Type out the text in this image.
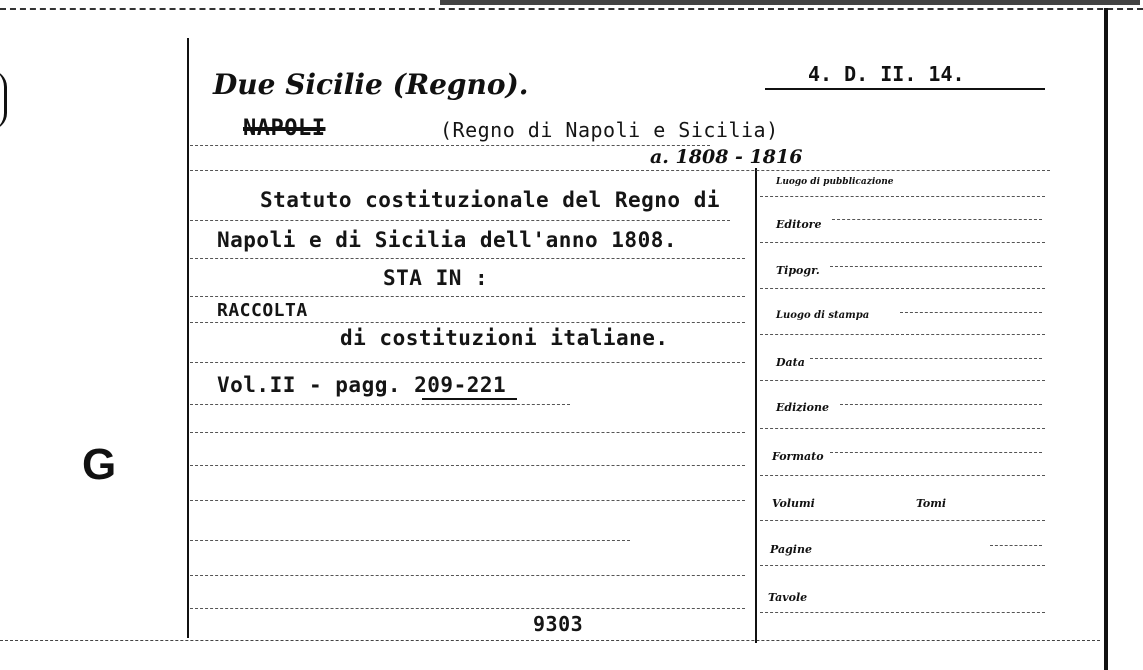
Due Sicilie (Regno).	4. D. II. 14.
NAPOLI	(Regno di Napoli e Sicilia)
a. 1808 - 1816
G
Statuto costituzionale del Regno di
Napoli e di Sicilia dell'anno 1808.
STA IN :
RACCOLTA
di costituzioni italiane.
Vol.II - pagg. 209-221
9303
Luogo di pubblicazione
Editore
Tipogr.
Luogo di stampa
Data
Edizione
Formato
Volumi	Tomi
Pagine
Tavole
